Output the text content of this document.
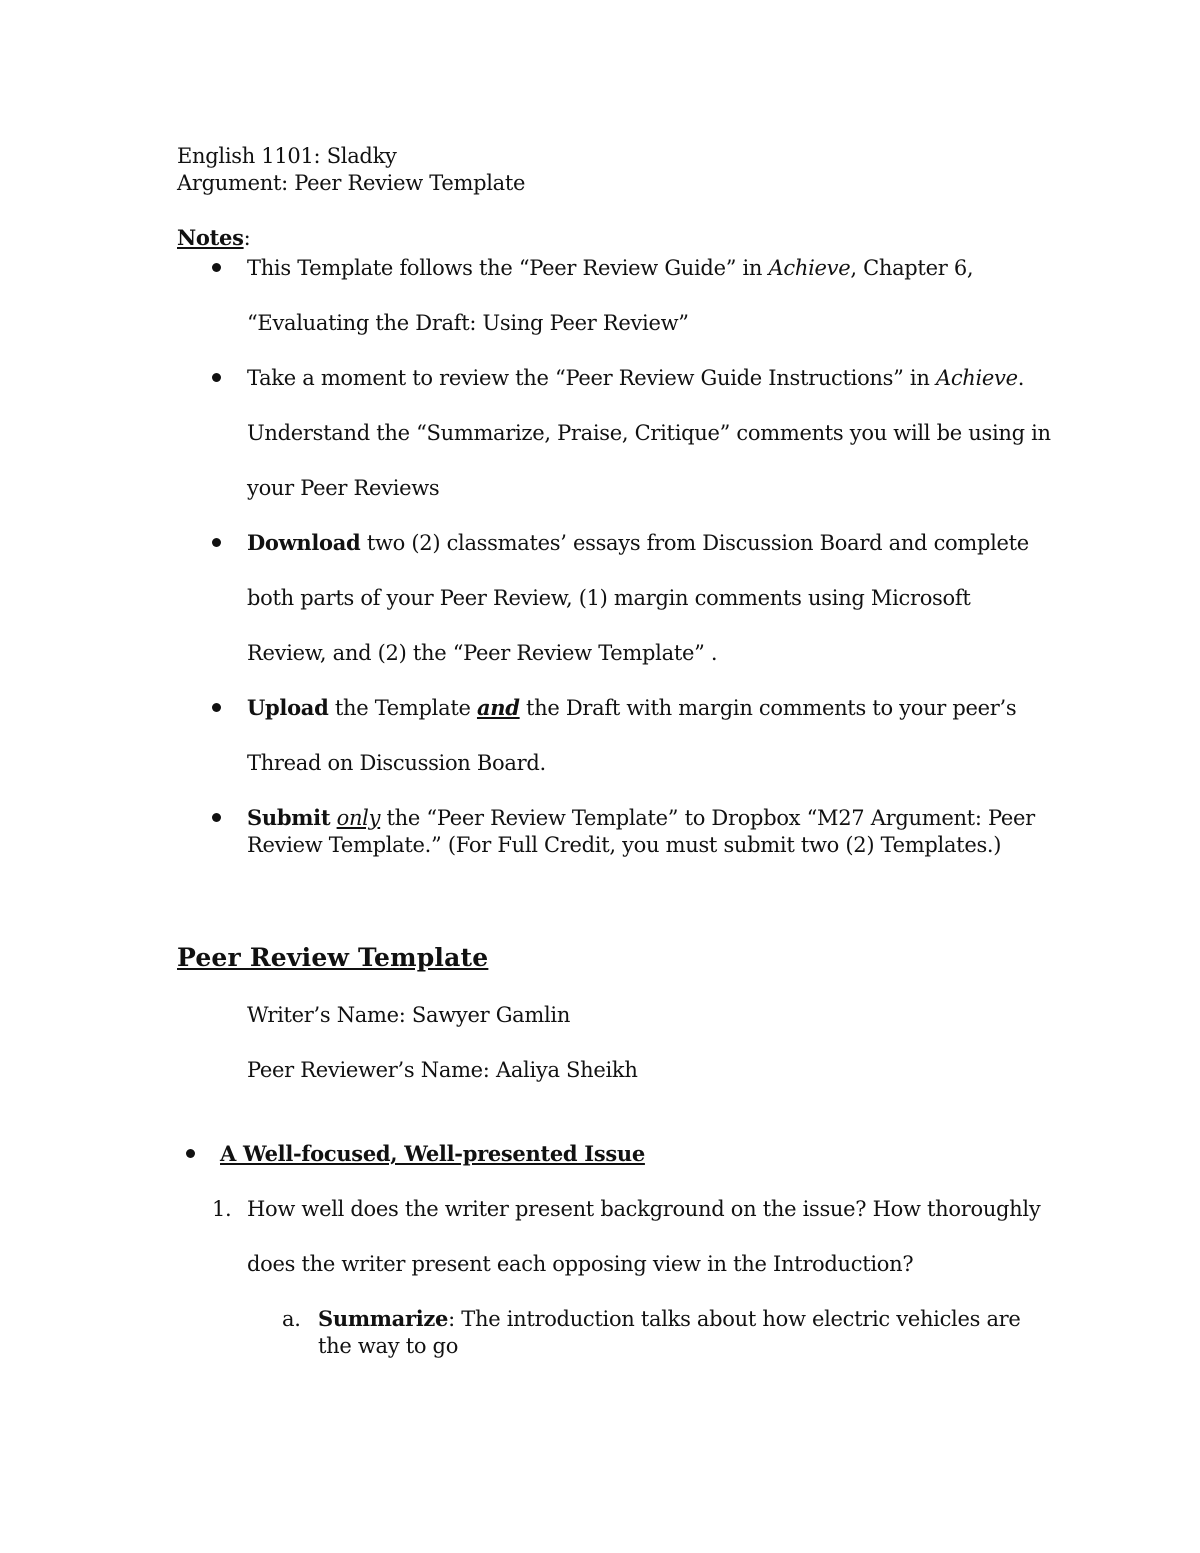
English 1101: Sladky
Argument: Peer Review Template
Notes:
This Template follows the “Peer Review Guide” in Achieve, Chapter 6,
“Evaluating the Draft: Using Peer Review”
Take a moment to review the “Peer Review Guide Instructions” in Achieve.
Understand the “Summarize, Praise, Critique” comments you will be using in
your Peer Reviews
Download two (2) classmates’ essays from Discussion Board and complete
both parts of your Peer Review, (1) margin comments using Microsoft
Review, and (2) the “Peer Review Template” .
Upload the Template and the Draft with margin comments to your peer’s
Thread on Discussion Board.
Submit only the “Peer Review Template” to Dropbox “M27 Argument: Peer
Review Template.” (For Full Credit, you must submit two (2) Templates.)
Peer Review Template
Writer’s Name: Sawyer Gamlin
Peer Reviewer’s Name: Aaliya Sheikh
A Well-focused, Well-presented Issue
1. How well does the writer present background on the issue? How thoroughly
does the writer present each opposing view in the Introduction?
a. Summarize: The introduction talks about how electric vehicles are
the way to go
